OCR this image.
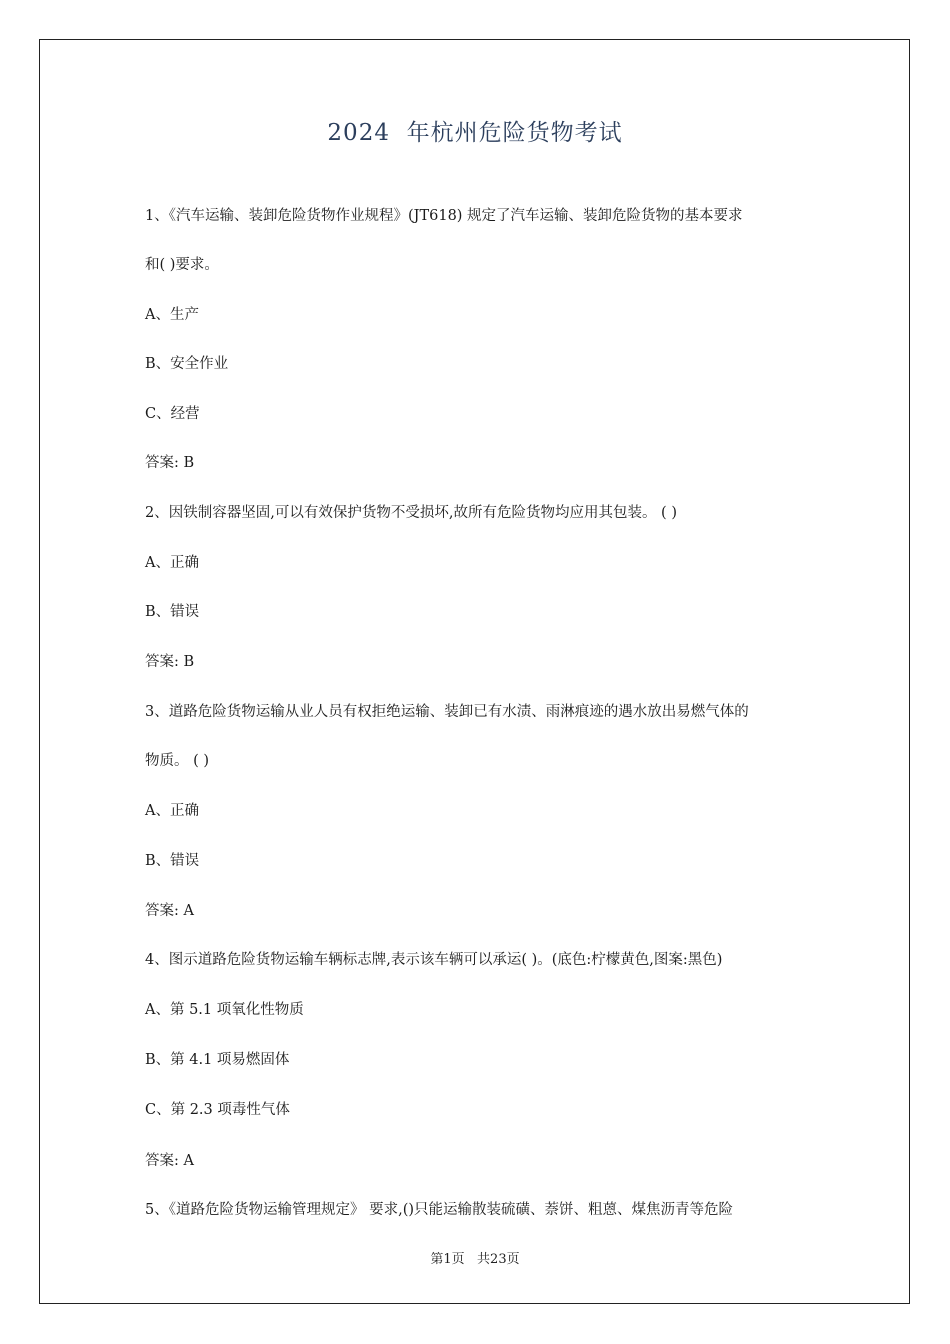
2024  年杭州危险货物考试

1、《汽车运输、装卸危险货物作业规程》(JT618) 规定了汽车运输、装卸危险货物的基本要求

和( )要求。

A、生产

B、安全作业

C、经营

答案: B

2、因铁制容器坚固,可以有效保护货物不受损坏,故所有危险货物均应用其包装。 ( )

A、正确

B、错误

答案: B

3、道路危险货物运输从业人员有权拒绝运输、装卸已有水渍、雨淋痕迹的遇水放出易燃气体的

物质。 ( )

A、正确

B、错误

答案: A

4、图示道路危险货物运输车辆标志牌,表示该车辆可以承运( )。(底色:柠檬黄色,图案:黑色)

A、第 5.1 项氧化性物质

B、第 4.1 项易燃固体

C、第 2.3 项毒性气体

答案: A

5、《道路危险货物运输管理规定》 要求,()只能运输散装硫磺、萘饼、粗蒽、煤焦沥青等危险

第1页   共23页
